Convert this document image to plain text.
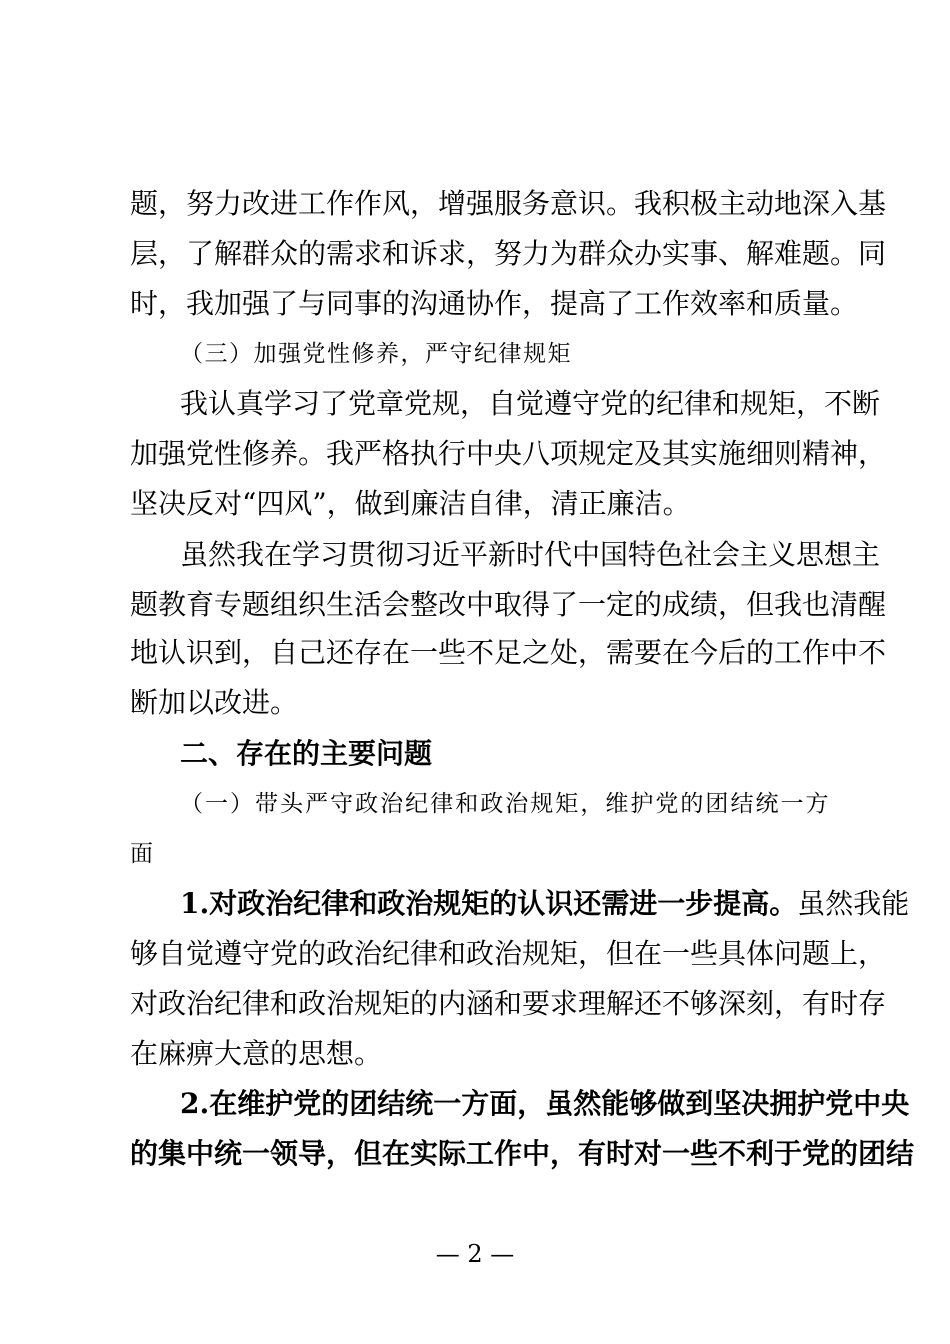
题，努力改进工作作风，增强服务意识。我积极主动地深入基
层，了解群众的需求和诉求，努力为群众办实事、解难题。同
时，我加强了与同事的沟通协作，提高了工作效率和质量。
（三）加强党性修养，严守纪律规矩
我认真学习了党章党规，自觉遵守党的纪律和规矩，不断
加强党性修养。我严格执行中央八项规定及其实施细则精神，
坚决反对“四风”，做到廉洁自律，清正廉洁。
虽然我在学习贯彻习近平新时代中国特色社会主义思想主
题教育专题组织生活会整改中取得了一定的成绩，但我也清醒
地认识到，自己还存在一些不足之处，需要在今后的工作中不
断加以改进。
二、存在的主要问题
（一）带头严守政治纪律和政治规矩，维护党的团结统一方
面
1.对政治纪律和政治规矩的认识还需进一步提高。虽然我能
够自觉遵守党的政治纪律和政治规矩，但在一些具体问题上，
对政治纪律和政治规矩的内涵和要求理解还不够深刻，有时存
在麻痹大意的思想。
2.在维护党的团结统一方面，虽然能够做到坚决拥护党中央
的集中统一领导，但在实际工作中，有时对一些不利于党的团结
— 2 —
